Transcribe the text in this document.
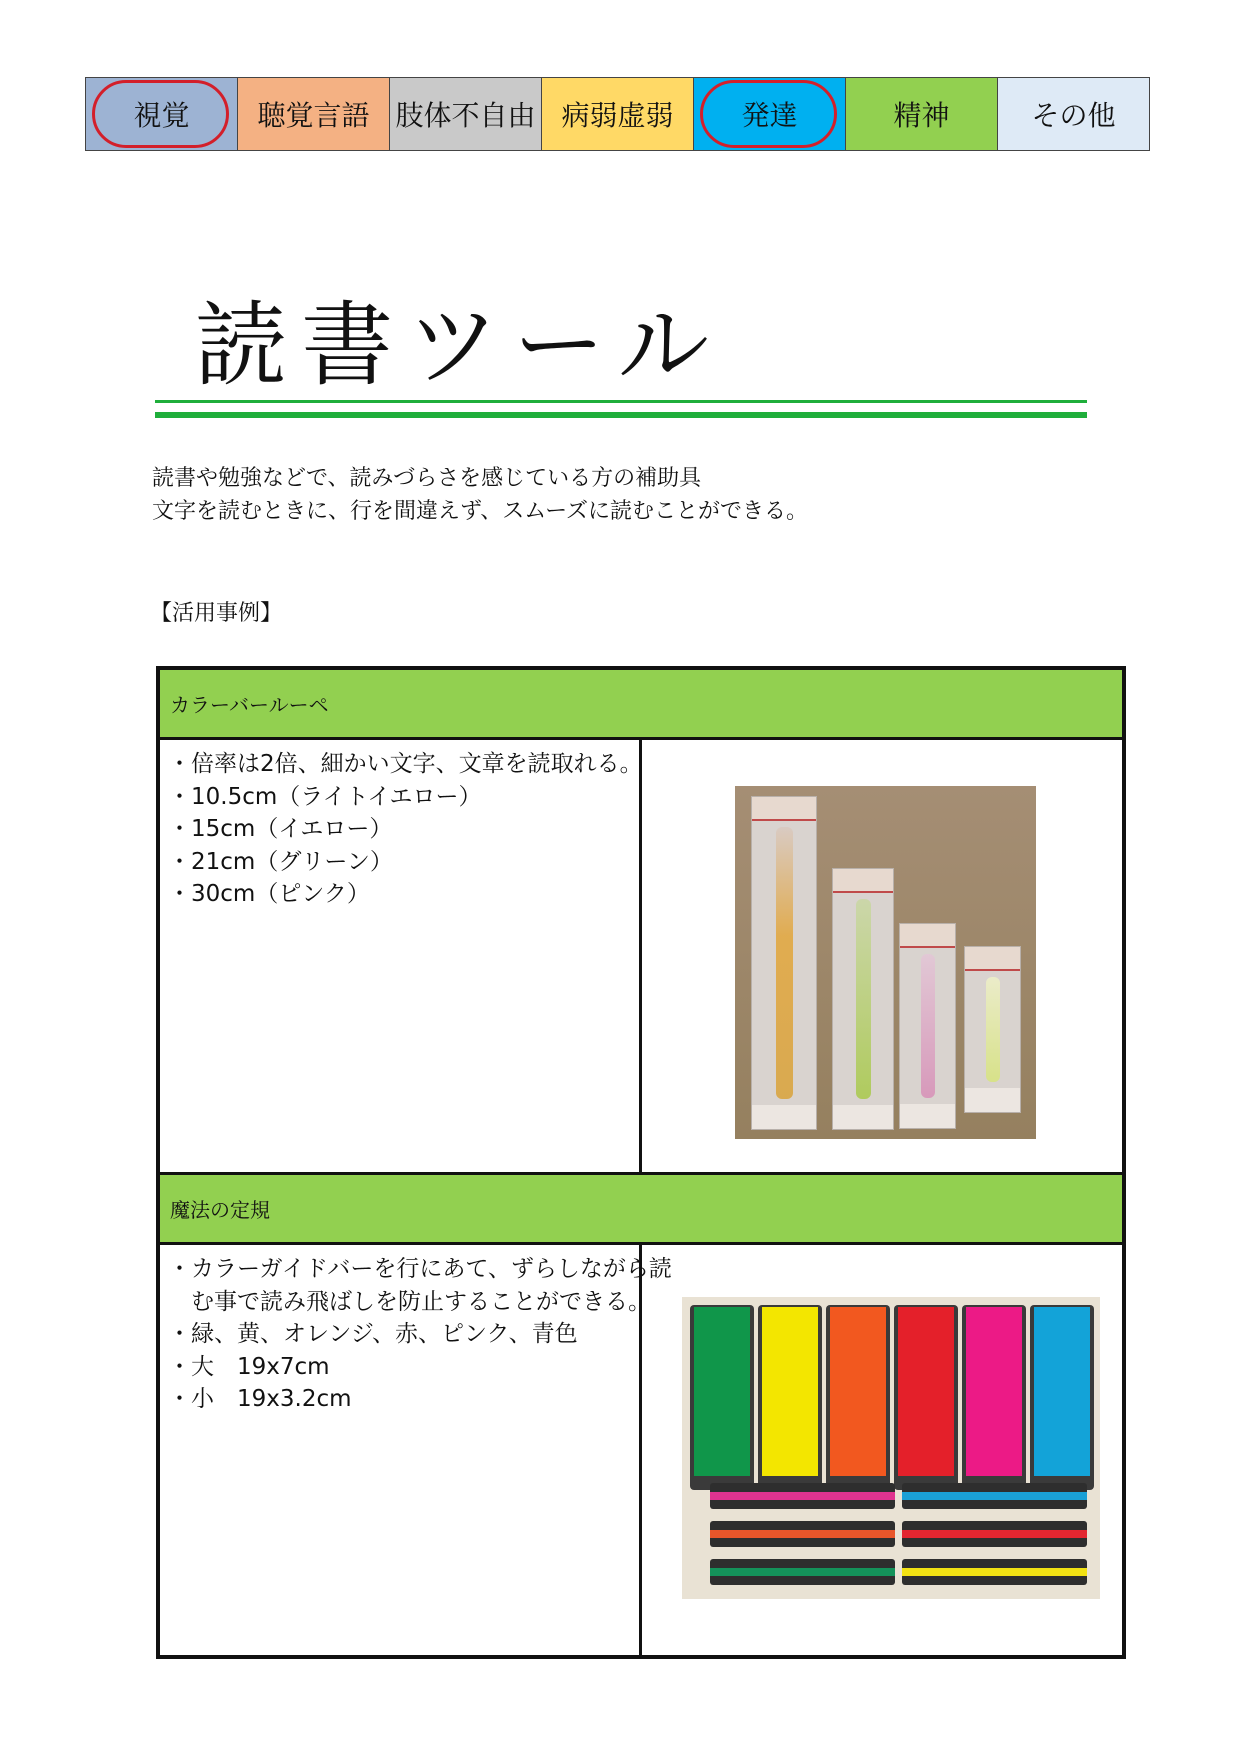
視覚 聴覚言語 肢体不自由 病弱虚弱 発達	精神	その他
読書ツール
読書や勉強などで、読みづらさを感じている方の補助具
文字を読むときに、行を間違えず、スムーズに読むことができる。
【活用事例】
カラーバールーペ
・倍率は2倍、細かい文字、文章を読取れる。
・10.5cm（ライトイエロー）
・15cm（イエロー）
・21cm（グリーン）
・30cm（ピンク）
魔法の定規
・カラーガイドバーを行にあて、ずらしながら読
　む事で読み飛ばしを防止することができる。
・緑、黄、オレンジ、赤、ピンク、青色
・大　19x7cm
・小　19x3.2cm
